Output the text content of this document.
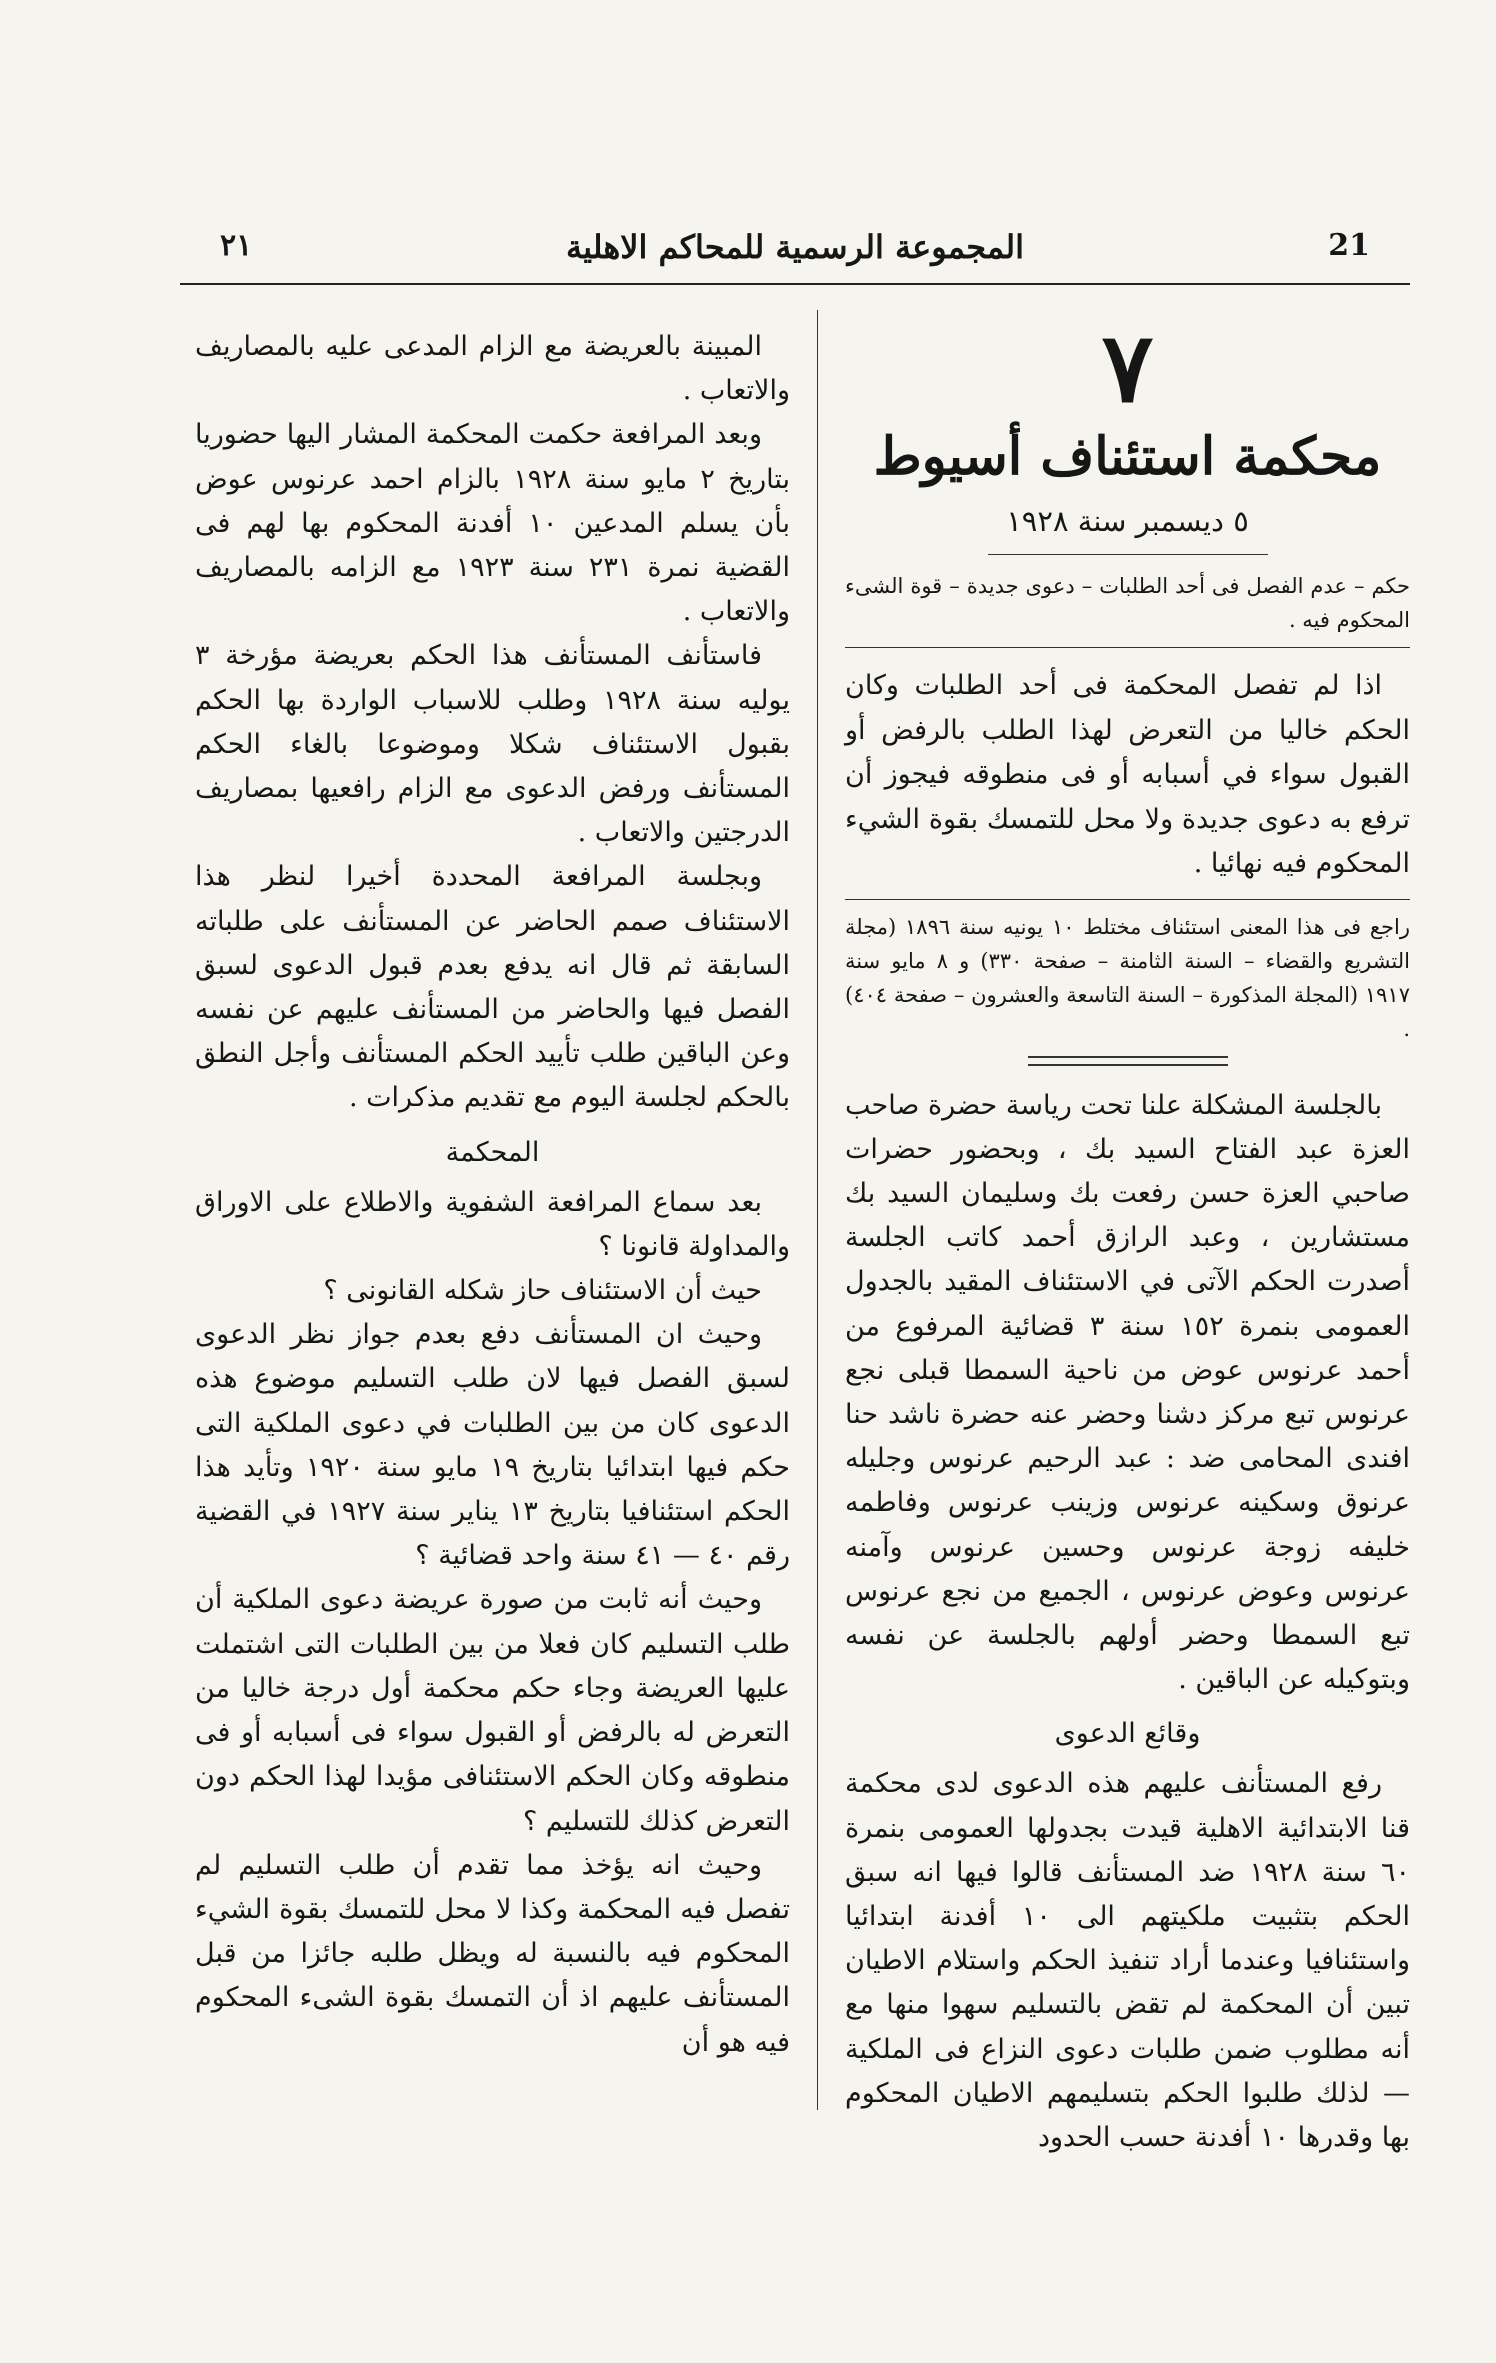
٢١	المجموعة الرسمية للمحاكم الاهلية	21
٧
محكمة استئناف أسيوط
٥ ديسمبر سنة ١٩٢٨
حكم – عدم الفصل فى أحد الطلبات – دعوى جديدة – قوة الشىء المحكوم فيه .

اذا لم تفصل المحكمة فى أحد الطلبات وكان الحكم خاليا من التعرض لهذا الطلب بالرفض أو القبول سواء في أسبابه أو فى منطوقه فيجوز أن ترفع به دعوى جديدة ولا محل للتمسك بقوة الشيء المحكوم فيه نهائيا .

راجع فى هذا المعنى استئناف مختلط ١٠ يونيه سنة ١٨٩٦ (مجلة التشريع والقضاء – السنة الثامنة – صفحة ٣٣٠) و ٨ مايو سنة ١٩١٧ (المجلة المذكورة – السنة التاسعة والعشرون – صفحة ٤٠٤) .

بالجلسة المشكلة علنا تحت رياسة حضرة صاحب العزة عبد الفتاح السيد بك ، وبحضور حضرات صاحبي العزة حسن رفعت بك وسليمان السيد بك مستشارين ، وعبد الرازق أحمد كاتب الجلسة أصدرت الحكم الآتى في الاستئناف المقيد بالجدول العمومى بنمرة ١٥٢ سنة ٣ قضائية المرفوع من أحمد عرنوس عوض من ناحية السمطا قبلى نجع عرنوس تبع مركز دشنا وحضر عنه حضرة ناشد حنا افندى المحامى ضد : عبد الرحيم عرنوس وجليله عرنوق وسكينه عرنوس وزينب عرنوس وفاطمه خليفه زوجة عرنوس وحسين عرنوس وآمنه عرنوس وعوض عرنوس ، الجميع من نجع عرنوس تبع السمطا وحضر أولهم بالجلسة عن نفسه وبتوكيله عن الباقين .

وقائع الدعوى

رفع المستأنف عليهم هذه الدعوى لدى محكمة قنا الابتدائية الاهلية قيدت بجدولها العمومى بنمرة ٦٠ سنة ١٩٢٨ ضد المستأنف قالوا فيها انه سبق الحكم بتثبيت ملكيتهم الى ١٠ أفدنة ابتدائيا واستئنافيا وعندما أراد تنفيذ الحكم واستلام الاطيان تبين أن المحكمة لم تقض بالتسليم سهوا منها مع أنه مطلوب ضمن طلبات دعوى النزاع فى الملكية — لذلك طلبوا الحكم بتسليمهم الاطيان المحكوم بها وقدرها ١٠ أفدنة حسب الحدود

المبينة بالعريضة مع الزام المدعى عليه بالمصاريف والاتعاب .

وبعد المرافعة حكمت المحكمة المشار اليها حضوريا بتاريخ ٢ مايو سنة ١٩٢٨ بالزام احمد عرنوس عوض بأن يسلم المدعين ١٠ أفدنة المحكوم بها لهم فى القضية نمرة ٢٣١ سنة ١٩٢٣ مع الزامه بالمصاريف والاتعاب .

فاستأنف المستأنف هذا الحكم بعريضة مؤرخة ٣ يوليه سنة ١٩٢٨ وطلب للاسباب الواردة بها الحكم بقبول الاستئناف شكلا وموضوعا بالغاء الحكم المستأنف ورفض الدعوى مع الزام رافعيها بمصاريف الدرجتين والاتعاب .

وبجلسة المرافعة المحددة أخيرا لنظر هذا الاستئناف صمم الحاضر عن المستأنف على طلباته السابقة ثم قال انه يدفع بعدم قبول الدعوى لسبق الفصل فيها والحاضر من المستأنف عليهم عن نفسه وعن الباقين طلب تأييد الحكم المستأنف وأجل النطق بالحكم لجلسة اليوم مع تقديم مذكرات .

المحكمة

بعد سماع المرافعة الشفوية والاطلاع على الاوراق والمداولة قانونا ؟

حيث أن الاستئناف حاز شكله القانونى ؟

وحيث ان المستأنف دفع بعدم جواز نظر الدعوى لسبق الفصل فيها لان طلب التسليم موضوع هذه الدعوى كان من بين الطلبات في دعوى الملكية التى حكم فيها ابتدائيا بتاريخ ١٩ مايو سنة ١٩٢٠ وتأيد هذا الحكم استئنافيا بتاريخ ١٣ يناير سنة ١٩٢٧ في القضية رقم ٤٠ — ٤١ سنة واحد قضائية ؟

وحيث أنه ثابت من صورة عريضة دعوى الملكية أن طلب التسليم كان فعلا من بين الطلبات التى اشتملت عليها العريضة وجاء حكم محكمة أول درجة خاليا من التعرض له بالرفض أو القبول سواء فى أسبابه أو فى منطوقه وكان الحكم الاستئنافى مؤيدا لهذا الحكم دون التعرض كذلك للتسليم ؟

وحيث انه يؤخذ مما تقدم أن طلب التسليم لم تفصل فيه المحكمة وكذا لا محل للتمسك بقوة الشيء المحكوم فيه بالنسبة له ويظل طلبه جائزا من قبل المستأنف عليهم اذ أن التمسك بقوة الشىء المحكوم فيه هو أن
